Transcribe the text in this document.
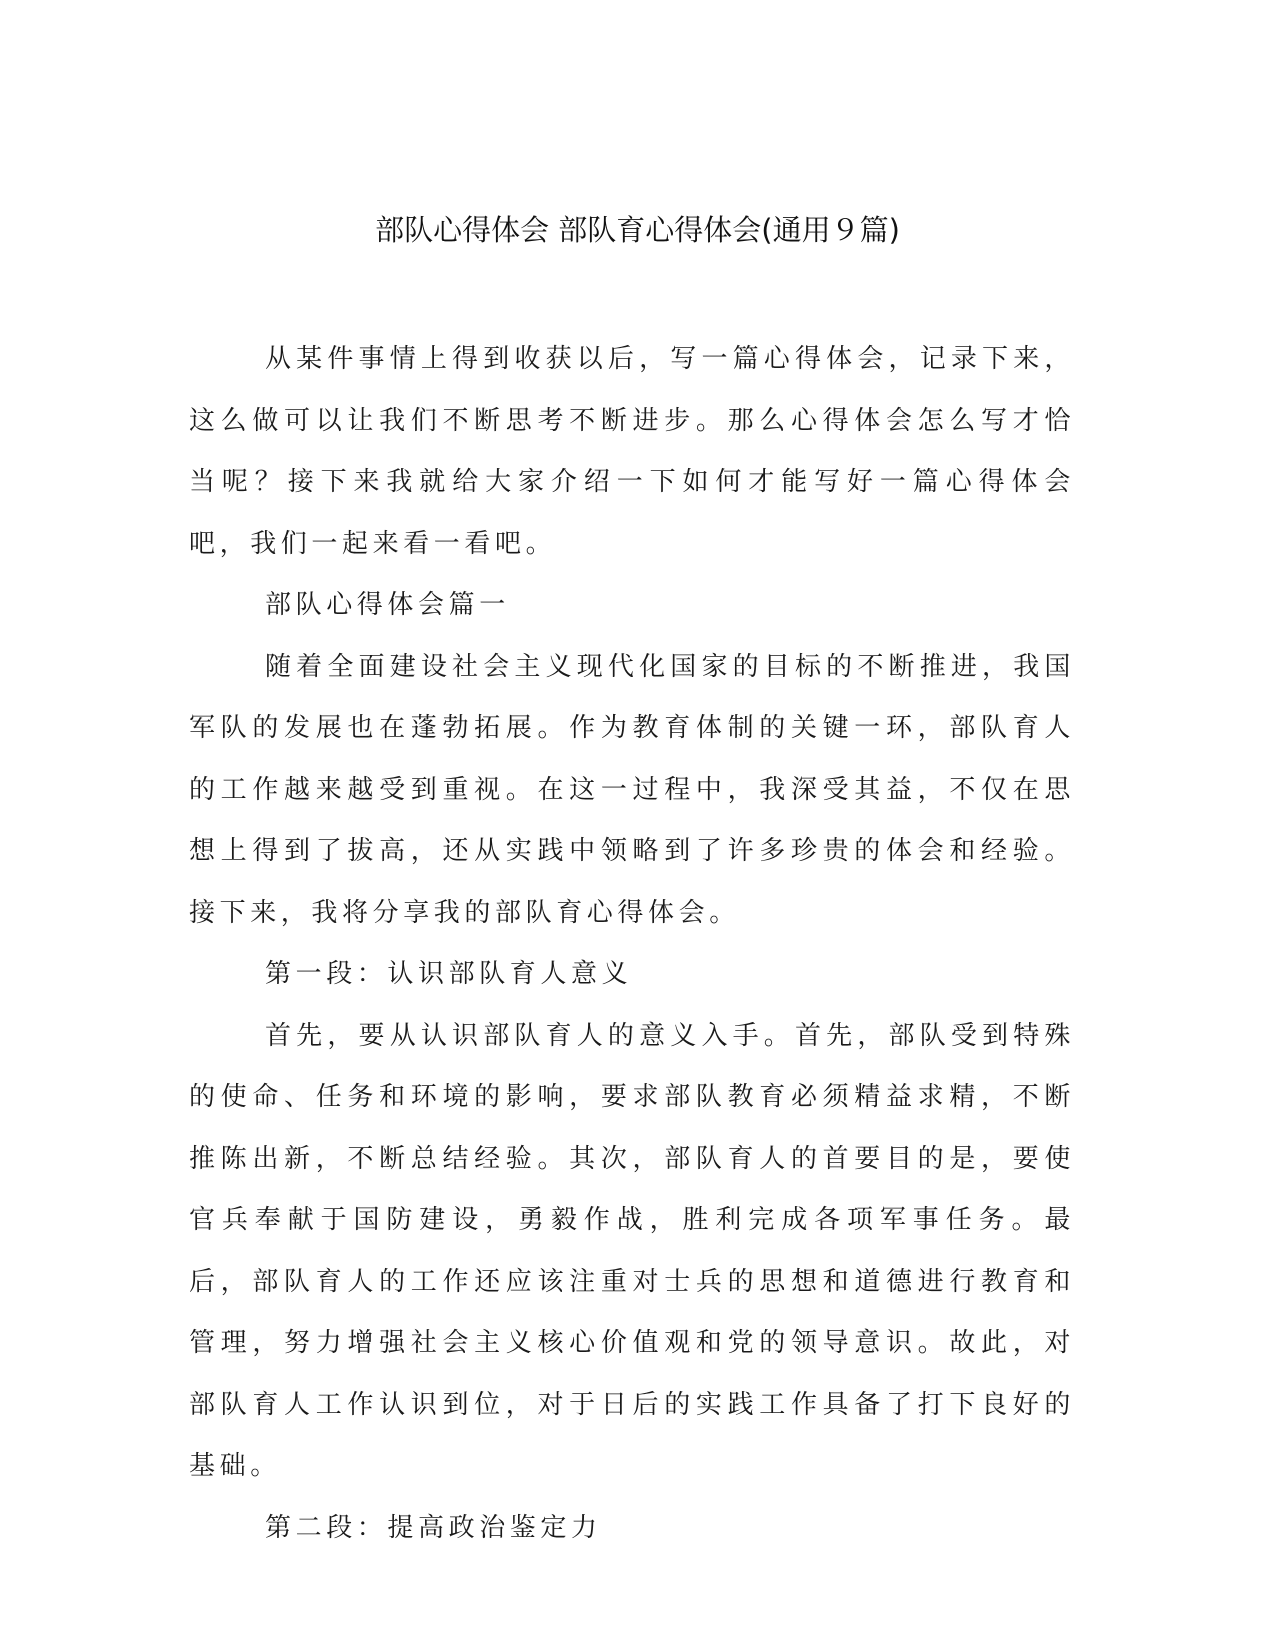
部队心得体会 部队育心得体会(通用９篇)

从某件事情上得到收获以后，写一篇心得体会，记录下来，这么做可以让我们不断思考不断进步。那么心得体会怎么写才恰当呢？接下来我就给大家介绍一下如何才能写好一篇心得体会吧，我们一起来看一看吧。

部队心得体会篇一

随着全面建设社会主义现代化国家的目标的不断推进，我国军队的发展也在蓬勃拓展。作为教育体制的关键一环，部队育人的工作越来越受到重视。在这一过程中，我深受其益，不仅在思想上得到了拔高，还从实践中领略到了许多珍贵的体会和经验。接下来，我将分享我的部队育心得体会。

第一段：认识部队育人意义

首先，要从认识部队育人的意义入手。首先，部队受到特殊的使命、任务和环境的影响，要求部队教育必须精益求精，不断推陈出新，不断总结经验。其次，部队育人的首要目的是，要使官兵奉献于国防建设，勇毅作战，胜利完成各项军事任务。最后，部队育人的工作还应该注重对士兵的思想和道德进行教育和管理，努力增强社会主义核心价值观和党的领导意识。故此，对部队育人工作认识到位，对于日后的实践工作具备了打下良好的基础。

第二段：提高政治鉴定力
